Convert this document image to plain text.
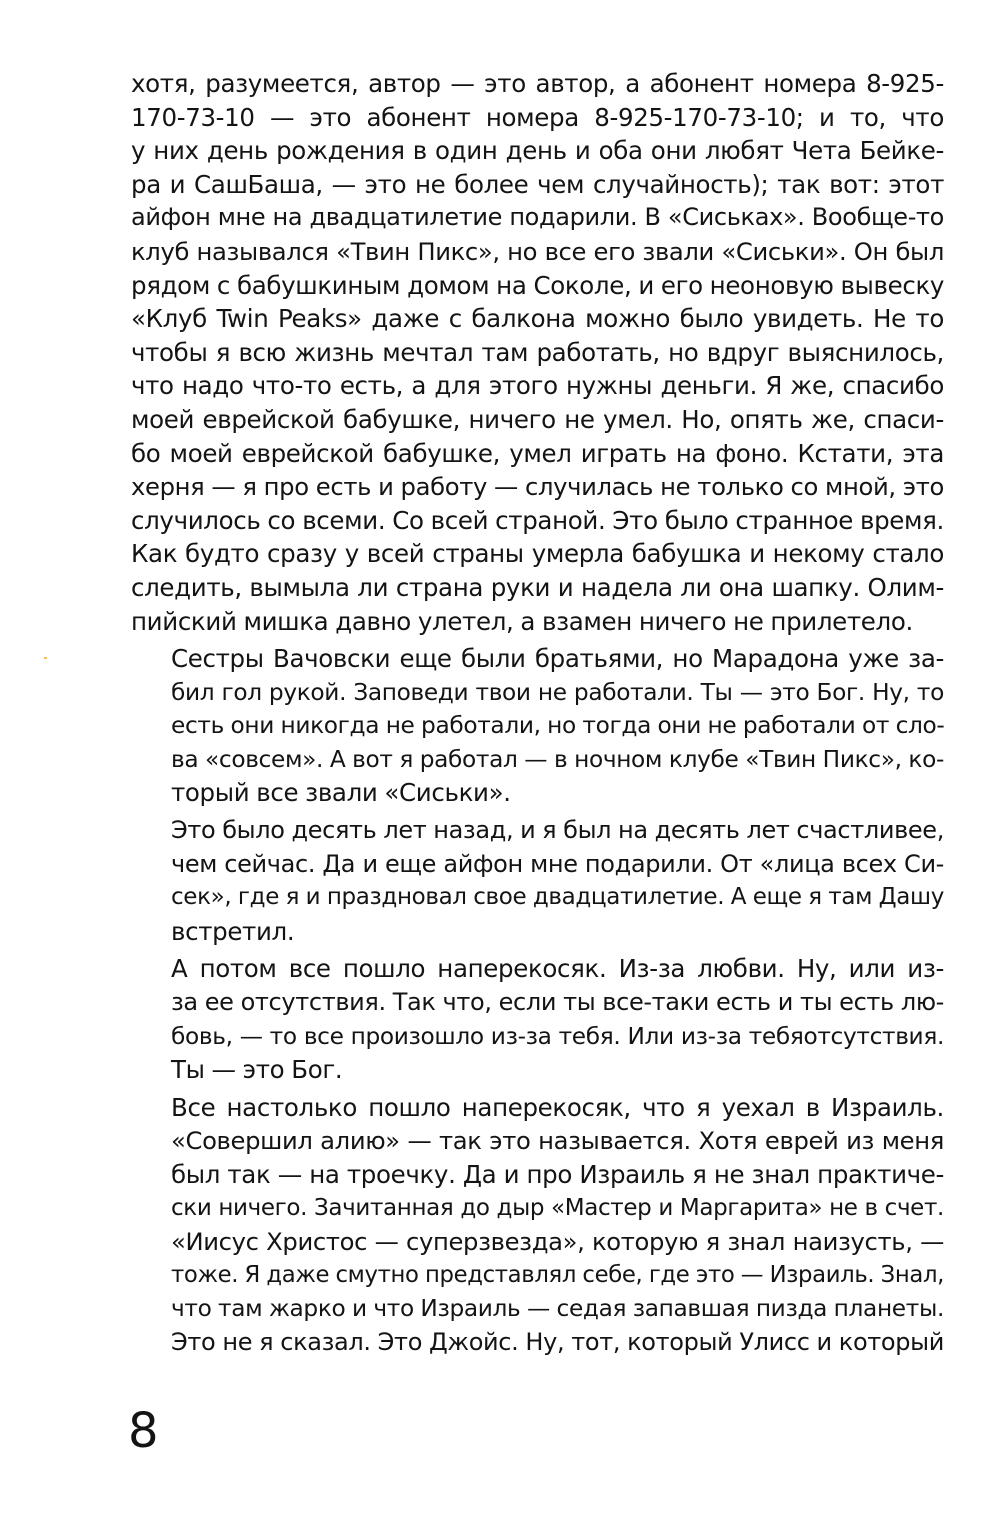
хотя, разумеется, автор — это автор, а абонент номера 8-925-
170-73-10 — это абонент номера 8-925-170-73-10; и то, что
у них день рождения в один день и оба они любят Чета Бейке-
ра и СашБаша, — это не более чем случайность); так вот: этот
айфон мне на двадцатилетие подарили. В «Сиськах». Вообще-то
клуб назывался «Твин Пикс», но все его звали «Сиськи». Он был
рядом с бабушкиным домом на Соколе, и его неоновую вывеску
«Клуб Twin Peaks» даже с балкона можно было увидеть. Не то
чтобы я всю жизнь мечтал там работать, но вдруг выяснилось,
что надо что-то есть, а для этого нужны деньги. Я же, спасибо
моей еврейской бабушке, ничего не умел. Но, опять же, спаси-
бо моей еврейской бабушке, умел играть на фоно. Кстати, эта
херня — я про есть и работу — случилась не только со мной, это
случилось со всеми. Со всей страной. Это было странное время.
Как будто сразу у всей страны умерла бабушка и некому стало
следить, вымыла ли страна руки и надела ли она шапку. Олим-
пийский мишка давно улетел, а взамен ничего не прилетело.
Сестры Вачовски еще были братьями, но Марадона уже за-
бил гол рукой. Заповеди твои не работали. Ты — это Бог. Ну, то
есть они никогда не работали, но тогда они не работали от сло-
ва «совсем». А вот я работал — в ночном клубе «Твин Пикс», ко-
торый все звали «Сиськи».
Это было десять лет назад, и я был на десять лет счастливее,
чем сейчас. Да и еще айфон мне подарили. От «лица всех Си-
сек», где я и праздновал свое двадцатилетие. А еще я там Дашу
встретил.
А потом все пошло наперекосяк. Из-за любви. Ну, или из-
за ее отсутствия. Так что, если ты все-таки есть и ты есть лю-
бовь, — то все произошло из-за тебя. Или из-за тебяотсутствия.
Ты — это Бог.
Все настолько пошло наперекосяк, что я уехал в Израиль.
«Совершил алию» — так это называется. Хотя еврей из меня
был так — на троечку. Да и про Израиль я не знал практиче-
ски ничего. Зачитанная до дыр «Мастер и Маргарита» не в счет.
«Иисус Христос — суперзвезда», которую я знал наизусть, —
тоже. Я даже смутно представлял себе, где это — Израиль. Знал,
что там жарко и что Израиль — седая запавшая пизда планеты.
Это не я сказал. Это Джойс. Ну, тот, который Улисс и который
8
